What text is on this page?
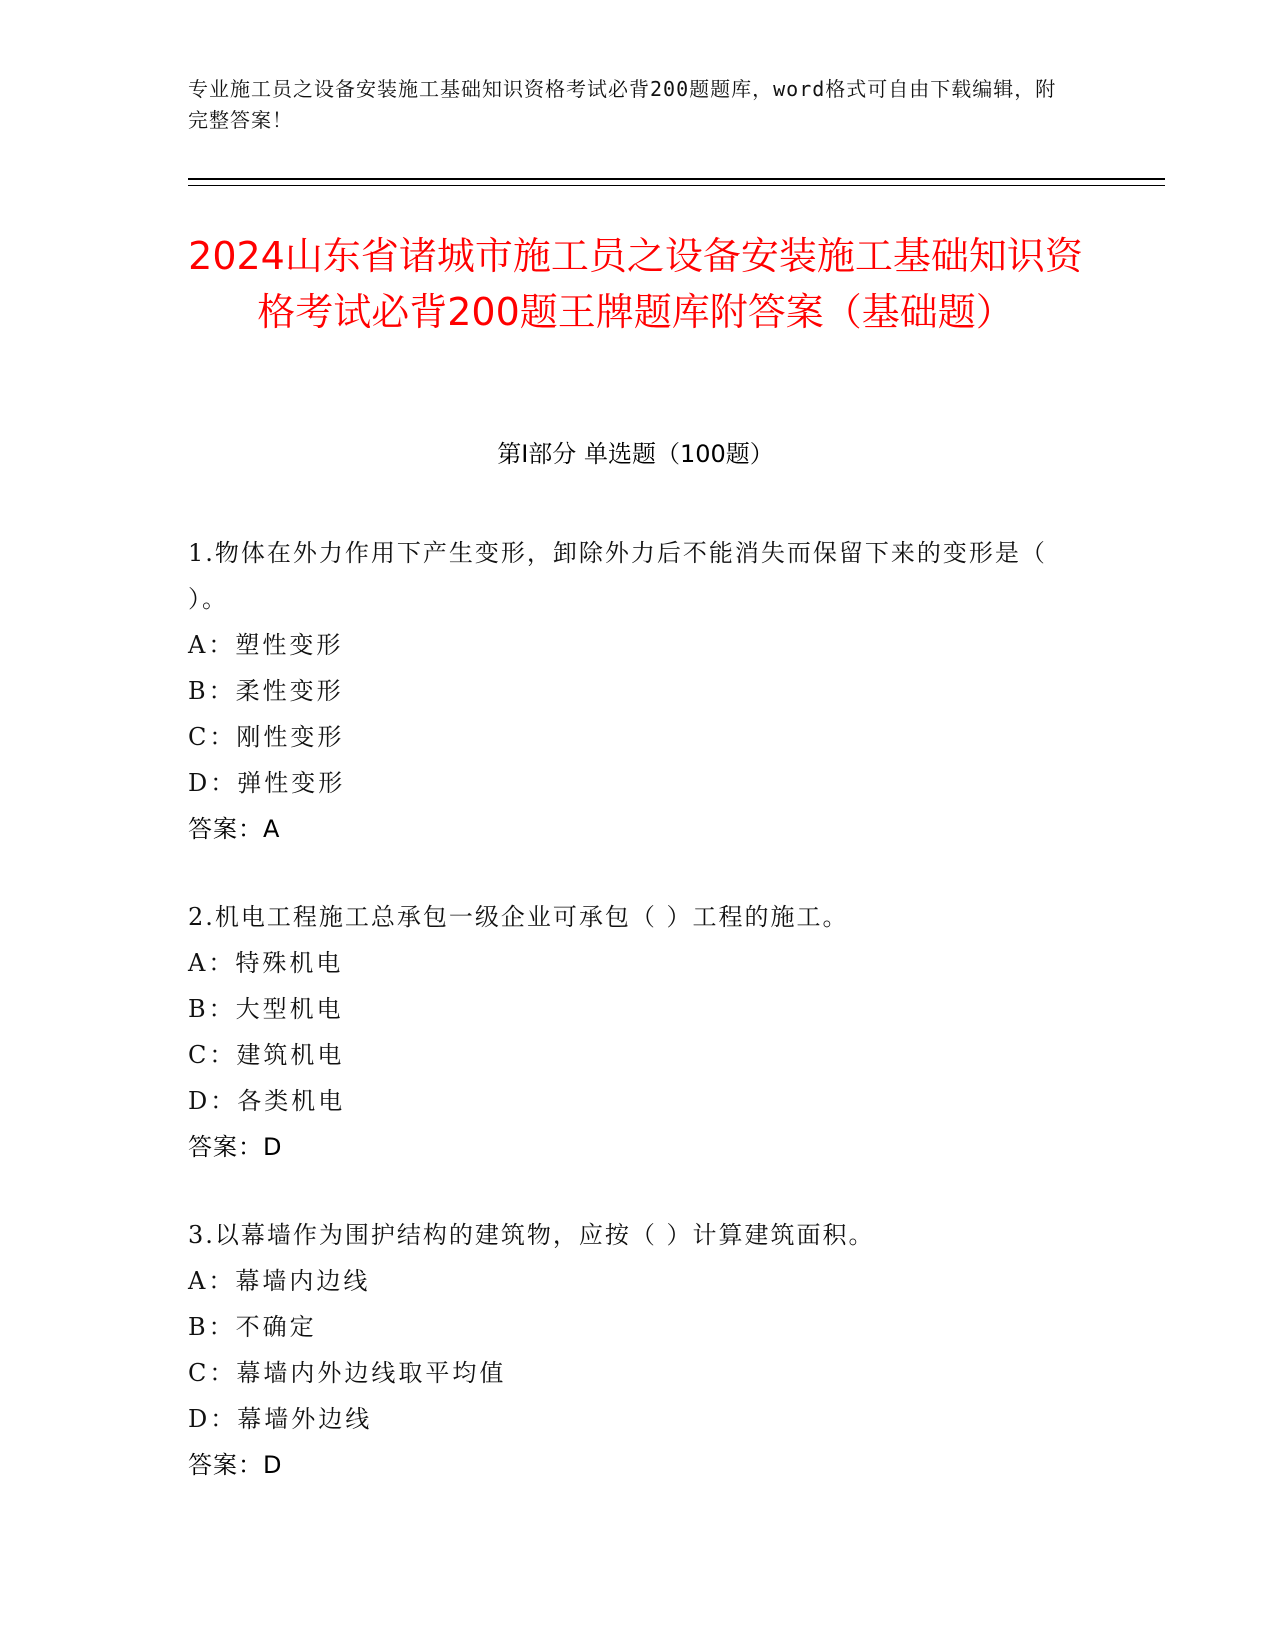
专业施工员之设备安装施工基础知识资格考试必背200题题库，word格式可自由下载编辑，附完整答案！
2024山东省诸城市施工员之设备安装施工基础知识资格考试必背200题王牌题库附答案（基础题）
第I部分 单选题（100题）

1.物体在外力作用下产生变形，卸除外力后不能消失而保留下来的变形是（ ）。

A：塑性变形

B：柔性变形

C：刚性变形

D：弹性变形

答案：A

2.机电工程施工总承包一级企业可承包（ ）工程的施工。

A：特殊机电

B：大型机电

C：建筑机电

D：各类机电

答案：D

3.以幕墙作为围护结构的建筑物，应按（ ）计算建筑面积。

A：幕墙内边线

B：不确定

C：幕墙内外边线取平均值

D：幕墙外边线

答案：D
